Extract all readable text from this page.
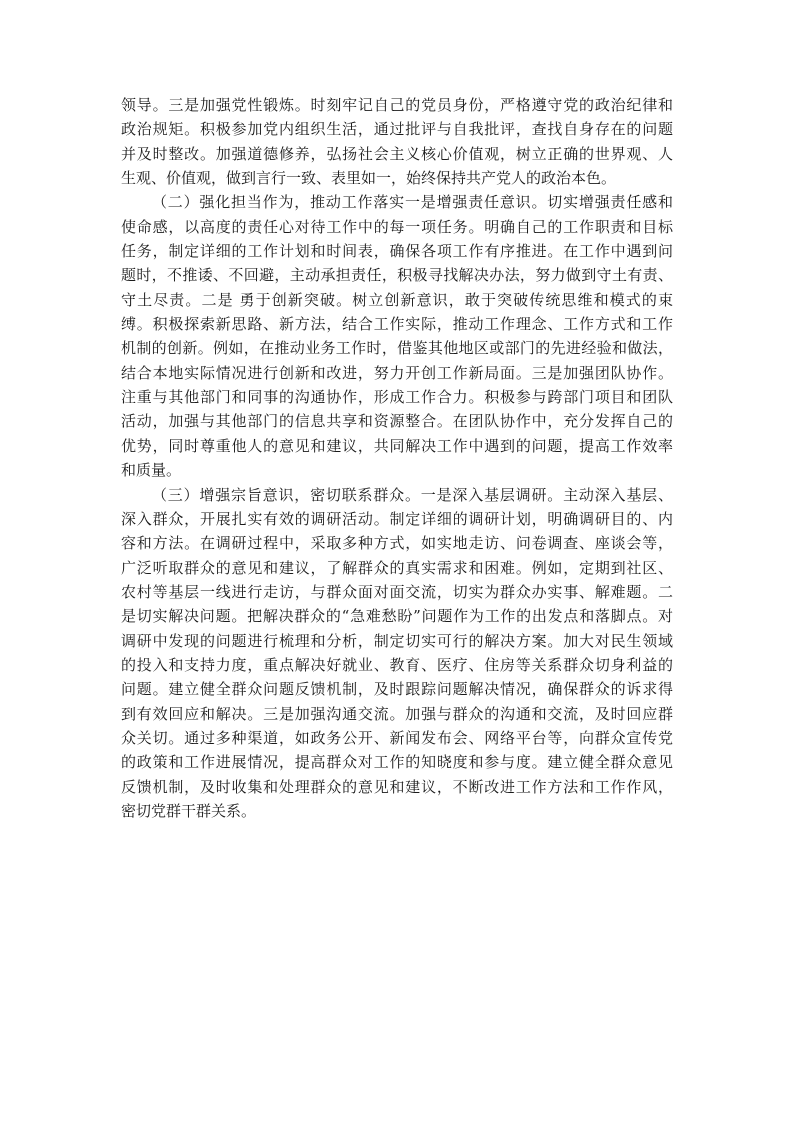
领导。三是加强党性锻炼。时刻牢记自己的党员身份，严格遵守党的政治纪律和
政治规矩。积极参加党内组织生活，通过批评与自我批评，查找自身存在的问题
并及时整改。加强道德修养，弘扬社会主义核心价值观，树立正确的世界观、人
生观、价值观，做到言行一致、表里如一，始终保持共产党人的政治本色。
（二）强化担当作为，推动工作落实一是增强责任意识。切实增强责任感和
使命感，以高度的责任心对待工作中的每一项任务。明确自己的工作职责和目标
任务，制定详细的工作计划和时间表，确保各项工作有序推进。在工作中遇到问
题时，不推诿、不回避，主动承担责任，积极寻找解决办法，努力做到守土有责、
守土尽责。二是 勇于创新突破。树立创新意识，敢于突破传统思维和模式的束
缚。积极探索新思路、新方法，结合工作实际，推动工作理念、工作方式和工作
机制的创新。例如，在推动业务工作时，借鉴其他地区或部门的先进经验和做法，
结合本地实际情况进行创新和改进，努力开创工作新局面。三是加强团队协作。
注重与其他部门和同事的沟通协作，形成工作合力。积极参与跨部门项目和团队
活动，加强与其他部门的信息共享和资源整合。在团队协作中，充分发挥自己的
优势，同时尊重他人的意见和建议，共同解决工作中遇到的问题，提高工作效率
和质量。
（三）增强宗旨意识，密切联系群众。一是深入基层调研。主动深入基层、
深入群众，开展扎实有效的调研活动。制定详细的调研计划，明确调研目的、内
容和方法。在调研过程中，采取多种方式，如实地走访、问卷调查、座谈会等，
广泛听取群众的意见和建议，了解群众的真实需求和困难。例如，定期到社区、
农村等基层一线进行走访，与群众面对面交流，切实为群众办实事、解难题。二
是切实解决问题。把解决群众的“急难愁盼”问题作为工作的出发点和落脚点。对
调研中发现的问题进行梳理和分析，制定切实可行的解决方案。加大对民生领域
的投入和支持力度，重点解决好就业、教育、医疗、住房等关系群众切身利益的
问题。建立健全群众问题反馈机制，及时跟踪问题解决情况，确保群众的诉求得
到有效回应和解决。三是加强沟通交流。加强与群众的沟通和交流，及时回应群
众关切。通过多种渠道，如政务公开、新闻发布会、网络平台等，向群众宣传党
的政策和工作进展情况，提高群众对工作的知晓度和参与度。建立健全群众意见
反馈机制，及时收集和处理群众的意见和建议，不断改进工作方法和工作作风，
密切党群干群关系。
